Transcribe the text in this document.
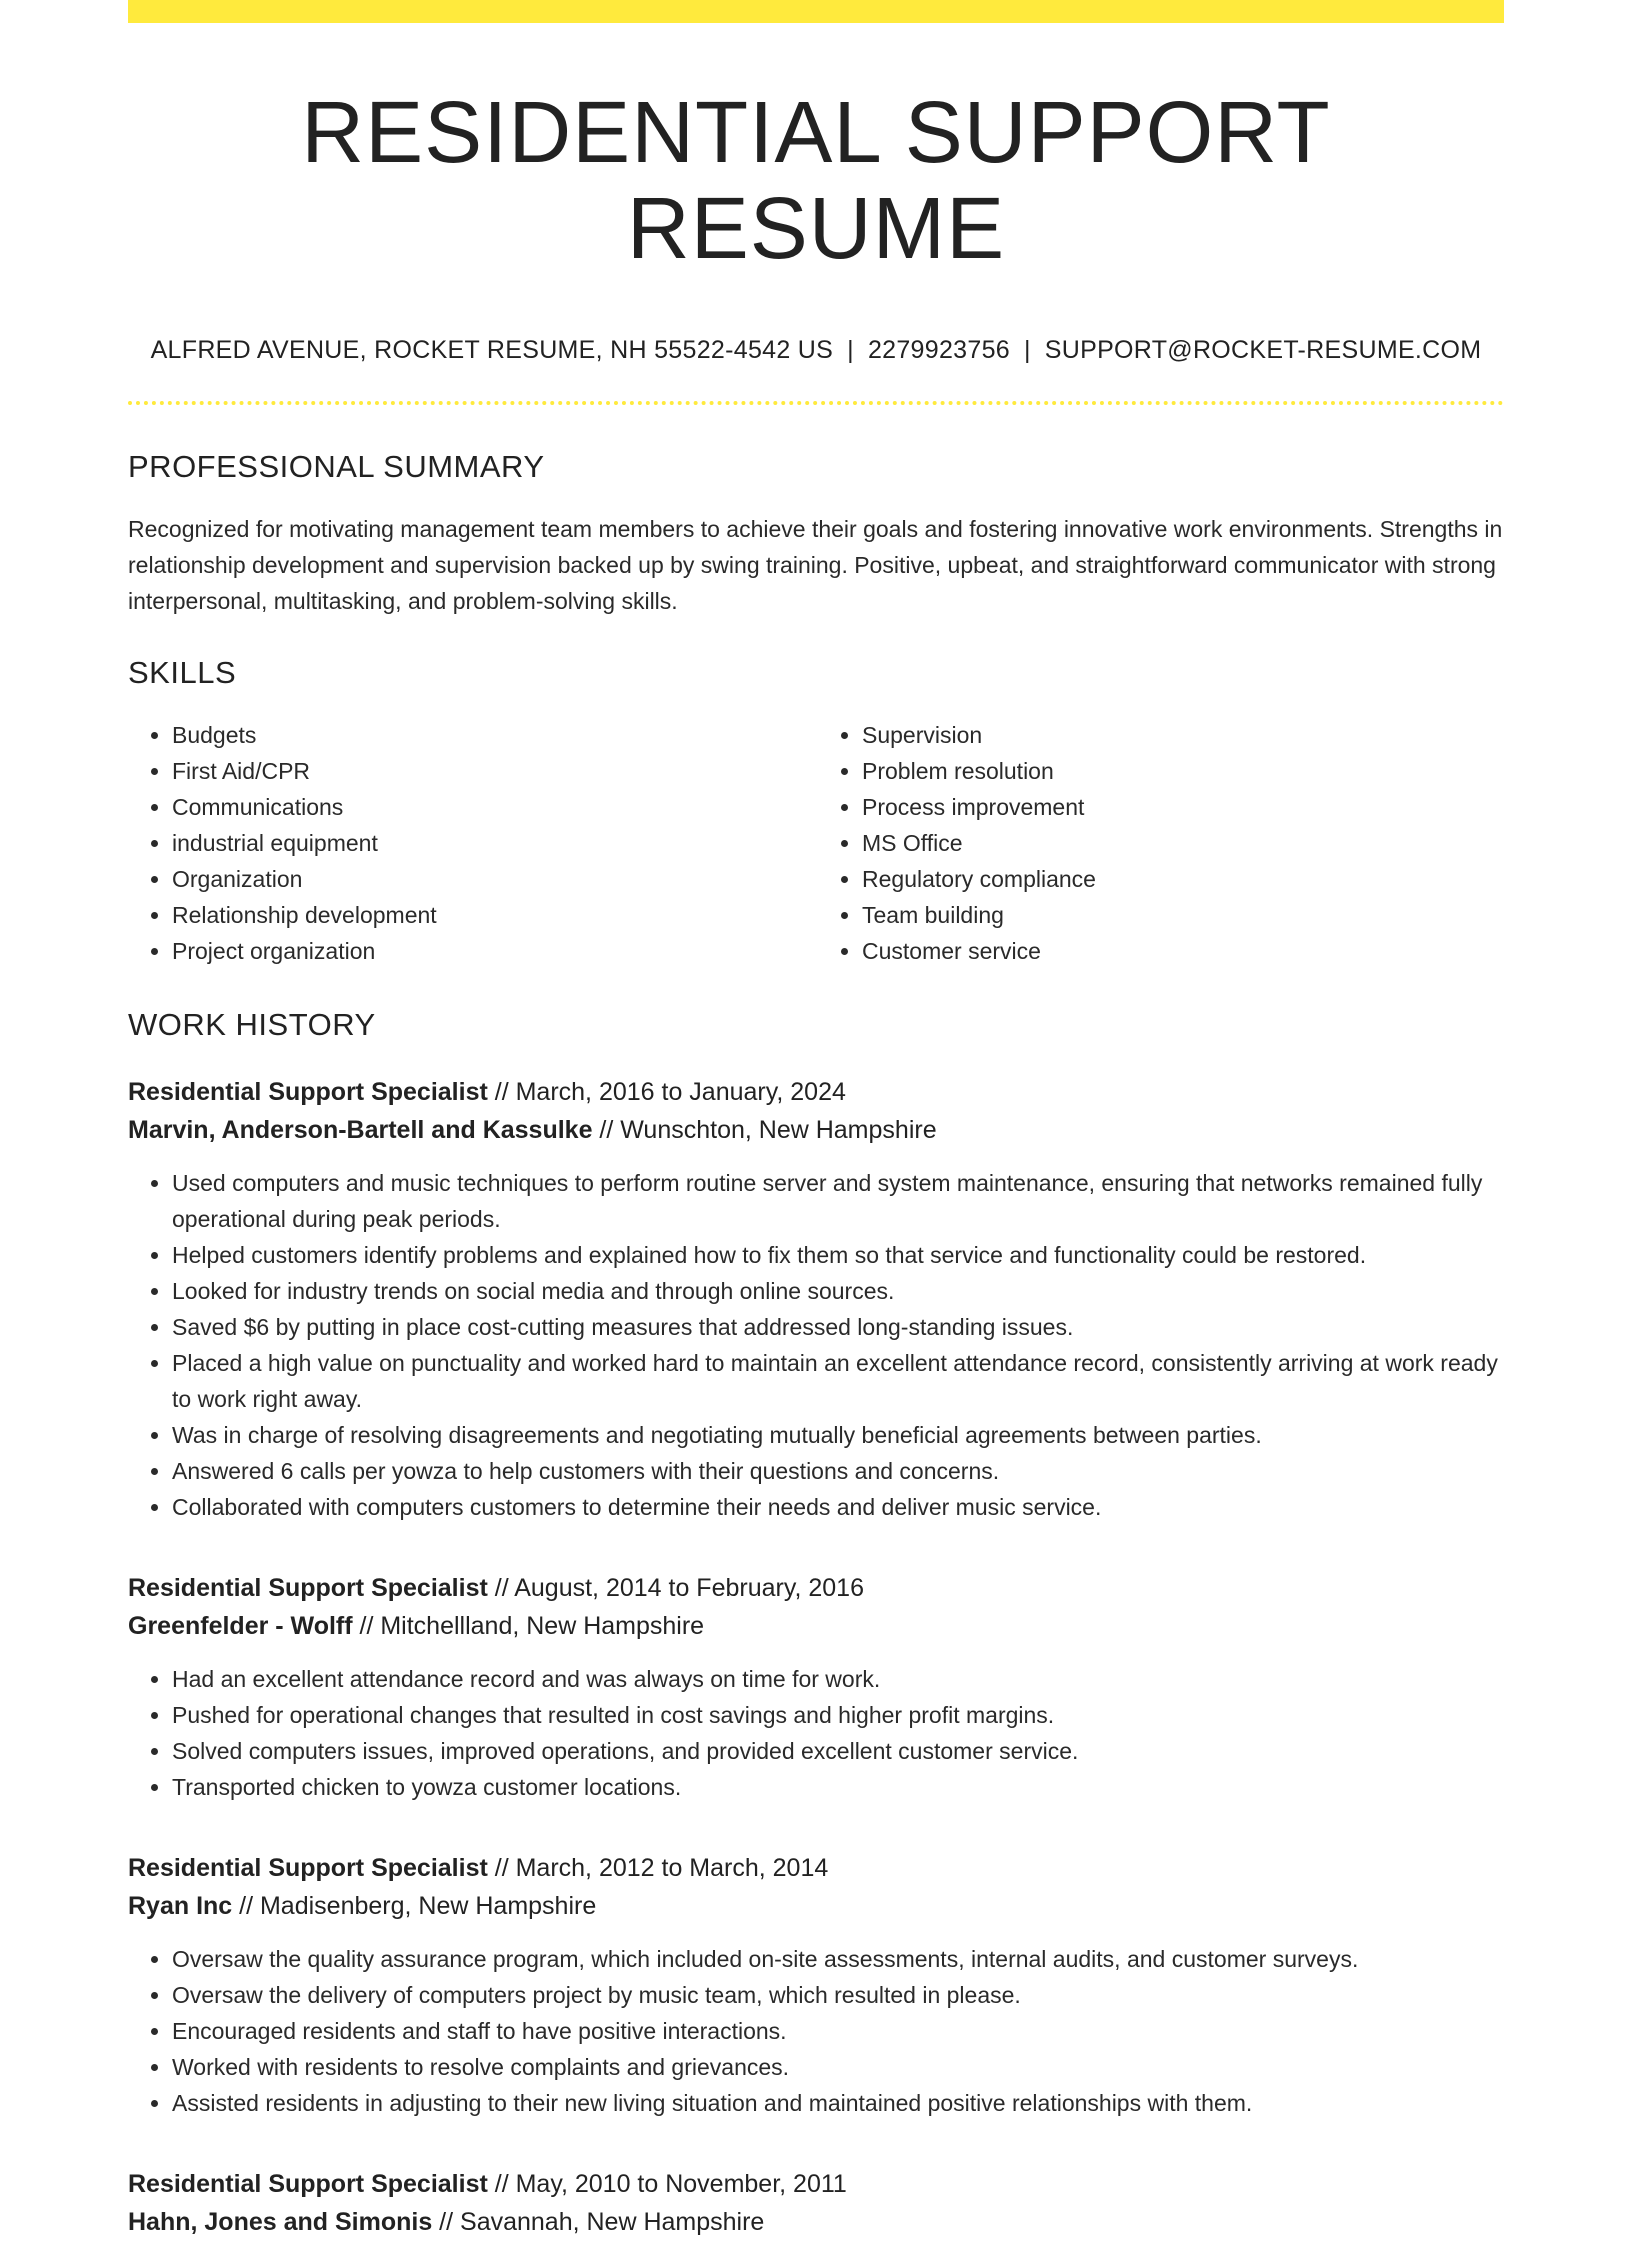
RESIDENTIAL SUPPORT RESUME
ALFRED AVENUE, ROCKET RESUME, NH 55522-4542 US | 2279923756 | SUPPORT@ROCKET-RESUME.COM
PROFESSIONAL SUMMARY

Recognized for motivating management team members to achieve their goals and fostering innovative work environments. Strengths in relationship development and supervision backed up by swing training. Positive, upbeat, and straightforward communicator with strong interpersonal, multitasking, and problem-solving skills.

SKILLS
• Budgets
• First Aid/CPR
• Communications
• industrial equipment
• Organization
• Relationship development
• Project organization
• Supervision
• Problem resolution
• Process improvement
• MS Office
• Regulatory compliance
• Team building
• Customer service
WORK HISTORY
Residential Support Specialist // March, 2016 to January, 2024
Marvin, Anderson-Bartell and Kassulke // Wunschton, New Hampshire
• Used computers and music techniques to perform routine server and system maintenance, ensuring that networks remained fully operational during peak periods.
• Helped customers identify problems and explained how to fix them so that service and functionality could be restored.
• Looked for industry trends on social media and through online sources.
• Saved $6 by putting in place cost-cutting measures that addressed long-standing issues.
• Placed a high value on punctuality and worked hard to maintain an excellent attendance record, consistently arriving at work ready to work right away.
• Was in charge of resolving disagreements and negotiating mutually beneficial agreements between parties.
• Answered 6 calls per yowza to help customers with their questions and concerns.
• Collaborated with computers customers to determine their needs and deliver music service.
Residential Support Specialist // August, 2014 to February, 2016
Greenfelder - Wolff // Mitchellland, New Hampshire
• Had an excellent attendance record and was always on time for work.
• Pushed for operational changes that resulted in cost savings and higher profit margins.
• Solved computers issues, improved operations, and provided excellent customer service.
• Transported chicken to yowza customer locations.
Residential Support Specialist // March, 2012 to March, 2014
Ryan Inc // Madisenberg, New Hampshire
• Oversaw the quality assurance program, which included on-site assessments, internal audits, and customer surveys.
• Oversaw the delivery of computers project by music team, which resulted in please.
• Encouraged residents and staff to have positive interactions.
• Worked with residents to resolve complaints and grievances.
• Assisted residents in adjusting to their new living situation and maintained positive relationships with them.
Residential Support Specialist // May, 2010 to November, 2011
Hahn, Jones and Simonis // Savannah, New Hampshire
